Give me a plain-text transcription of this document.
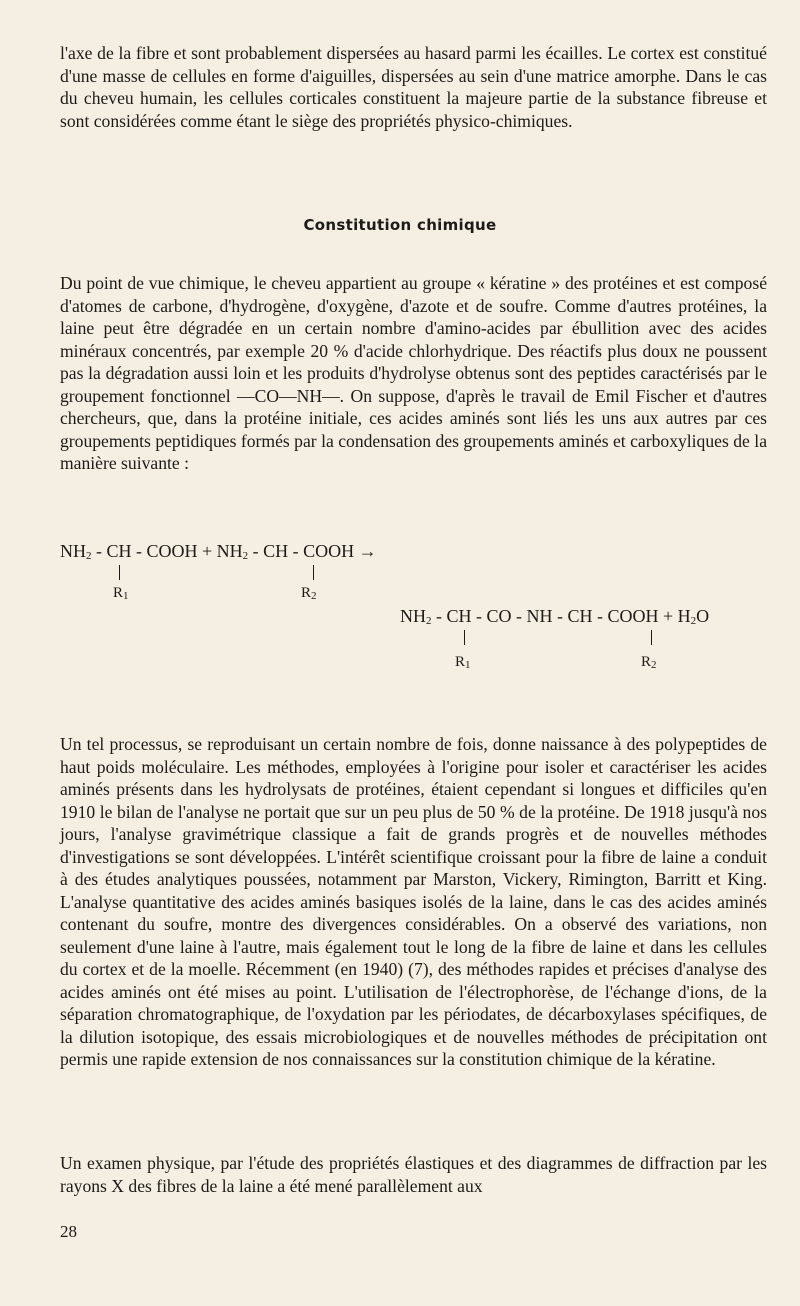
l'axe de la fibre et sont probablement dispersées au hasard parmi les écailles. Le cortex est constitué d'une masse de cellules en forme d'aiguilles, dispersées au sein d'une matrice amorphe. Dans le cas du cheveu humain, les cellules corticales constituent la majeure partie de la substance fibreuse et sont considérées comme étant le siège des propriétés physico-chimiques.

Constitution chimique

Du point de vue chimique, le cheveu appartient au groupe « kératine » des protéines et est composé d'atomes de carbone, d'hydrogène, d'oxygène, d'azote et de soufre. Comme d'autres protéines, la laine peut être dégradée en un certain nombre d'amino-acides par ébullition avec des acides minéraux concentrés, par exemple 20 % d'acide chlorhydrique. Des réactifs plus doux ne poussent pas la dégradation aussi loin et les produits d'hydrolyse obtenus sont des peptides caractérisés par le groupement fonctionnel —CO—NH—. On suppose, d'après le travail de Emil Fischer et d'autres chercheurs, que, dans la protéine initiale, ces acides aminés sont liés les uns aux autres par ces groupements peptidiques formés par la condensation des groupements aminés et carboxyliques de la manière suivante :

NH2 - CH - COOH + NH2 - CH - COOH →
R1	R2
NH2 - CH - CO - NH - CH - COOH + H2O
R1	R2

Un tel processus, se reproduisant un certain nombre de fois, donne naissance à des polypeptides de haut poids moléculaire. Les méthodes, employées à l'origine pour isoler et caractériser les acides aminés présents dans les hydrolysats de protéines, étaient cependant si longues et difficiles qu'en 1910 le bilan de l'analyse ne portait que sur un peu plus de 50 % de la protéine. De 1918 jusqu'à nos jours, l'analyse gravimétrique classique a fait de grands progrès et de nouvelles méthodes d'investigations se sont développées. L'intérêt scientifique croissant pour la fibre de laine a conduit à des études analytiques poussées, notamment par Marston, Vickery, Rimington, Barritt et King. L'analyse quantitative des acides aminés basiques isolés de la laine, dans le cas des acides aminés contenant du soufre, montre des divergences considérables. On a observé des variations, non seulement d'une laine à l'autre, mais également tout le long de la fibre de laine et dans les cellules du cortex et de la moelle. Récemment (en 1940) (7), des méthodes rapides et précises d'analyse des acides aminés ont été mises au point. L'utilisation de l'électrophorèse, de l'échange d'ions, de la séparation chromatographique, de l'oxydation par les périodates, de décarboxylases spécifiques, de la dilution isotopique, des essais microbiologiques et de nouvelles méthodes de précipitation ont permis une rapide extension de nos connaissances sur la constitution chimique de la kératine.

Un examen physique, par l'étude des propriétés élastiques et des diagrammes de diffraction par les rayons X des fibres de la laine a été mené parallèlement aux

28
